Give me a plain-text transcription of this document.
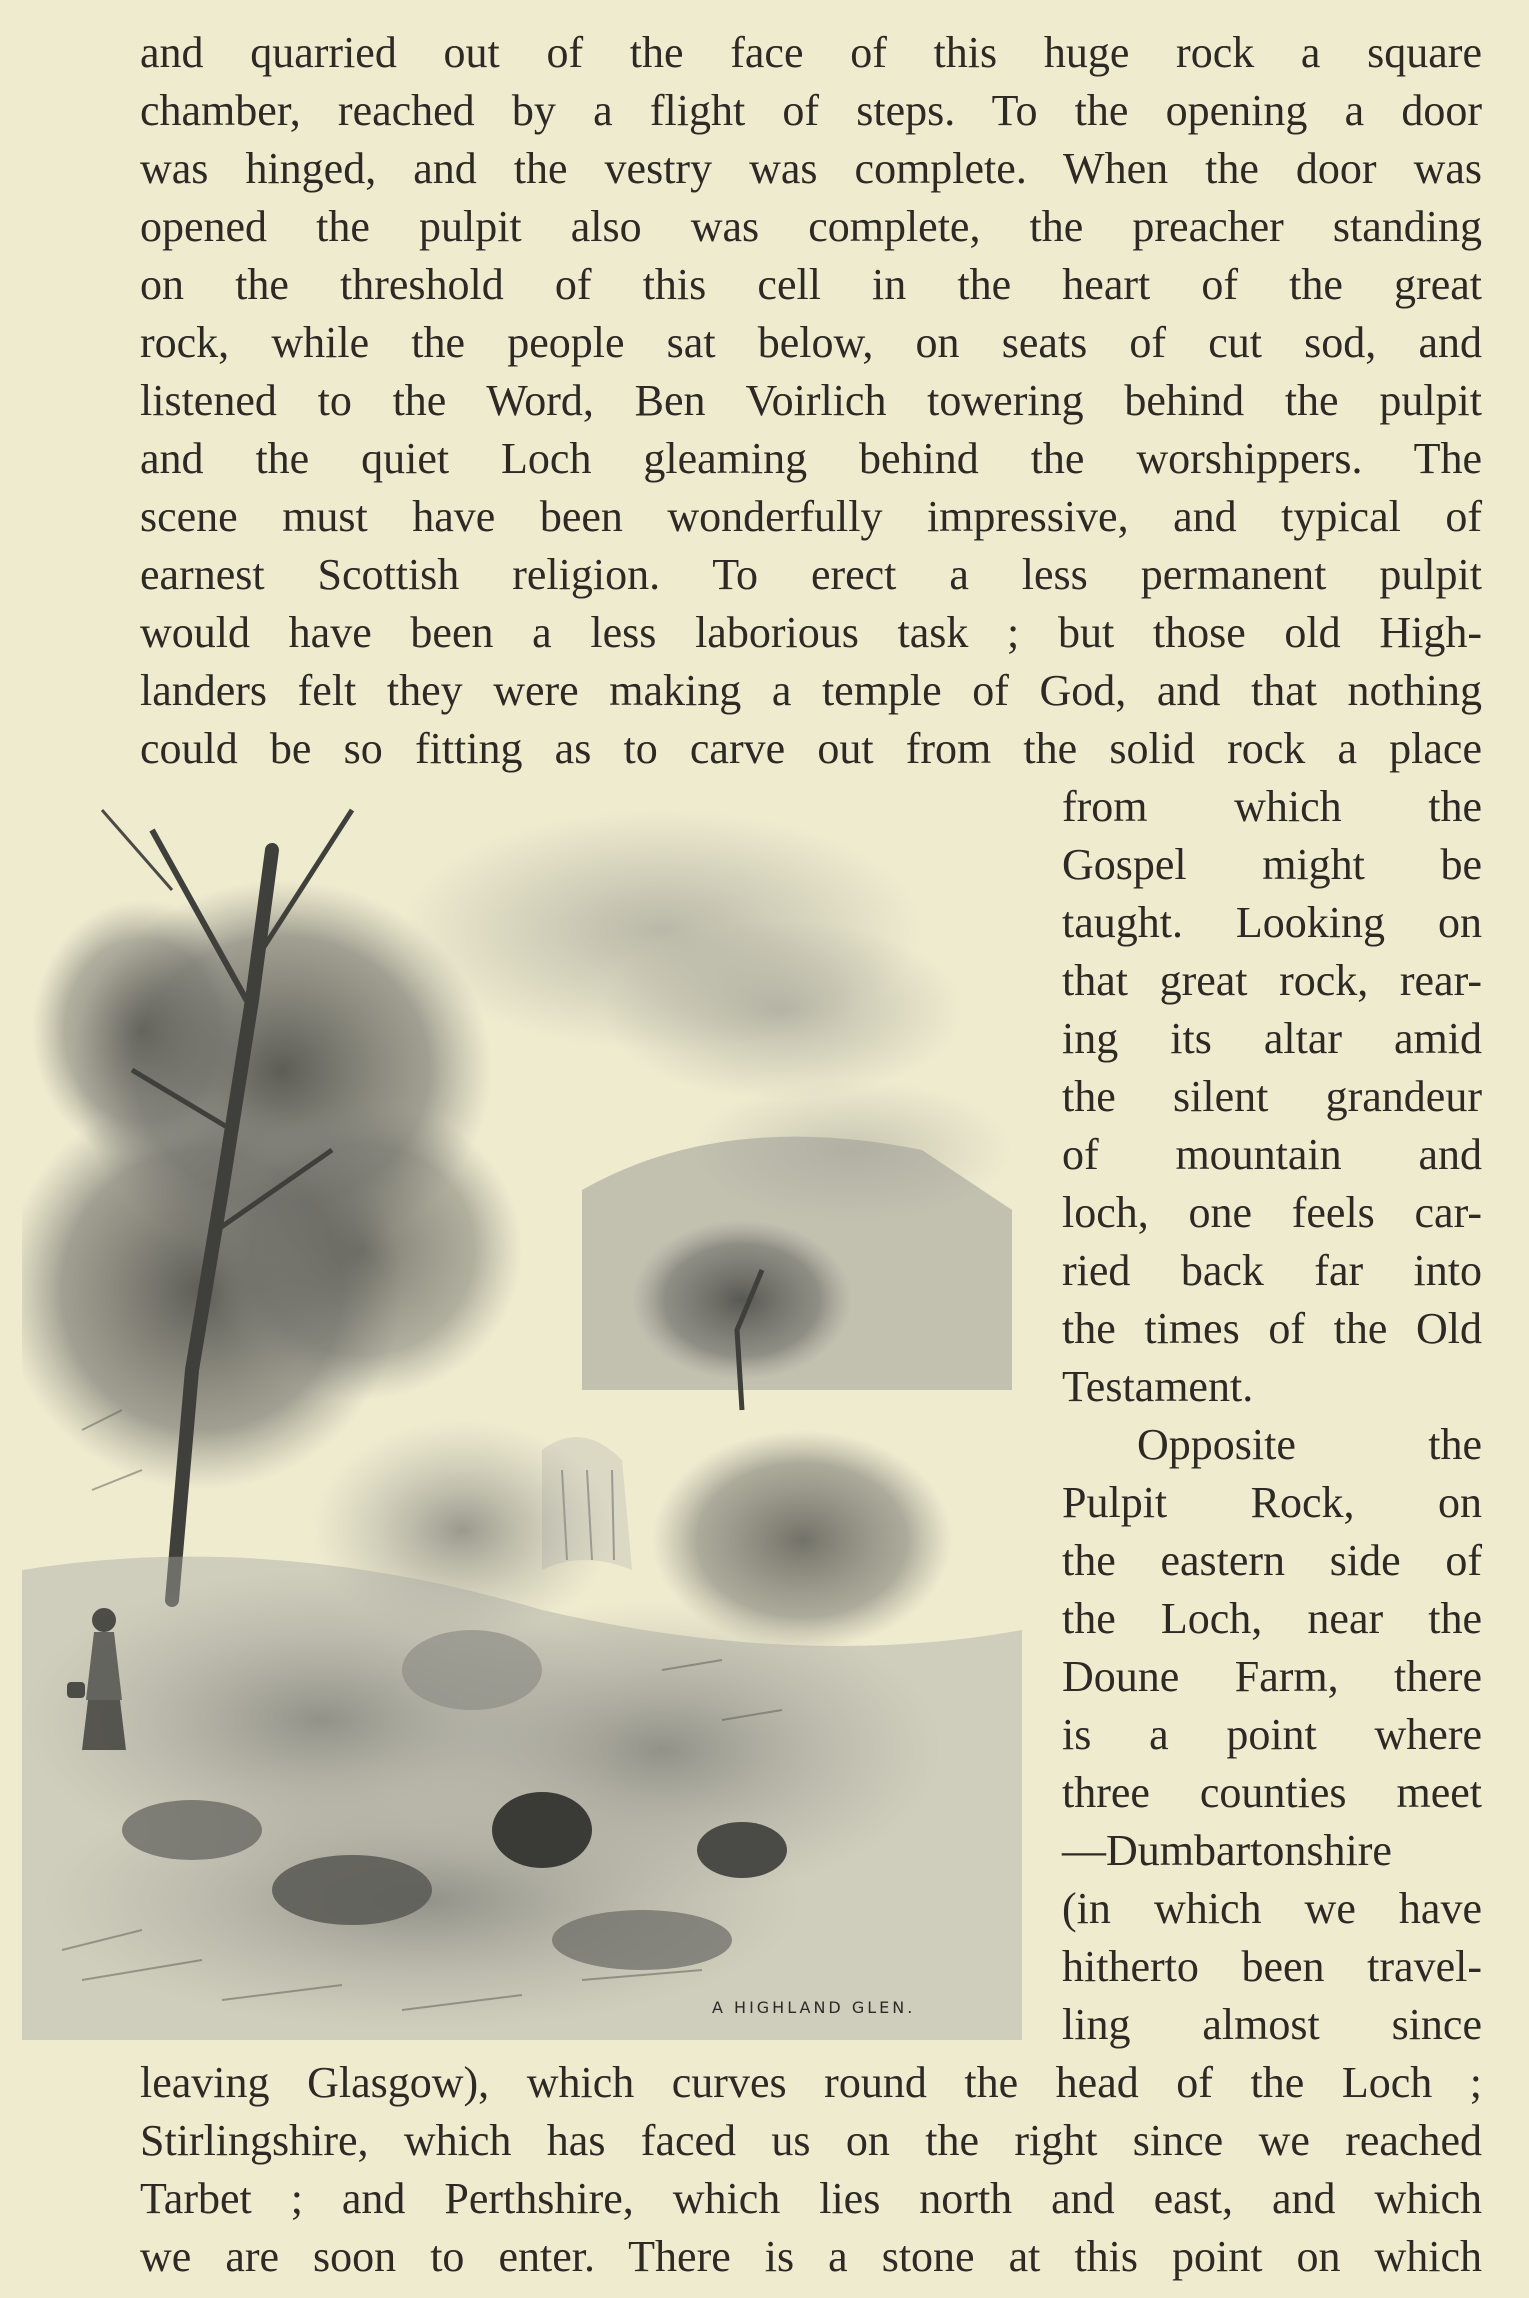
and quarried out of the face of this huge rock a square
chamber, reached by a flight of steps. To the opening a door
was hinged, and the vestry was complete. When the door was
opened the pulpit also was complete, the preacher standing
on the threshold of this cell in the heart of the great
rock, while the people sat below, on seats of cut sod, and
listened to the Word, Ben Voirlich towering behind the pulpit
and the quiet Loch gleaming behind the worshippers. The
scene must have been wonderfully impressive, and typical of
earnest Scottish religion. To erect a less permanent pulpit
would have been a less laborious task ; but those old High-
landers felt they were making a temple of God, and that nothing
could be so fitting as to carve out from the solid rock a place
A HIGHLAND GLEN.
from which the
Gospel might be
taught. Looking on
that great rock, rear-
ing its altar amid
the silent grandeur
of mountain and
loch, one feels car-
ried back far into
the times of the Old
Testament.
Opposite the
Pulpit Rock, on
the eastern side of
the Loch, near the
Doune Farm, there
is a point where
three counties meet
—Dumbartonshire
(in which we have
hitherto been travel-
ling almost since
leaving Glasgow), which curves round the head of the Loch ;
Stirlingshire, which has faced us on the right since we reached
Tarbet ; and Perthshire, which lies north and east, and which
we are soon to enter. There is a stone at this point on which
